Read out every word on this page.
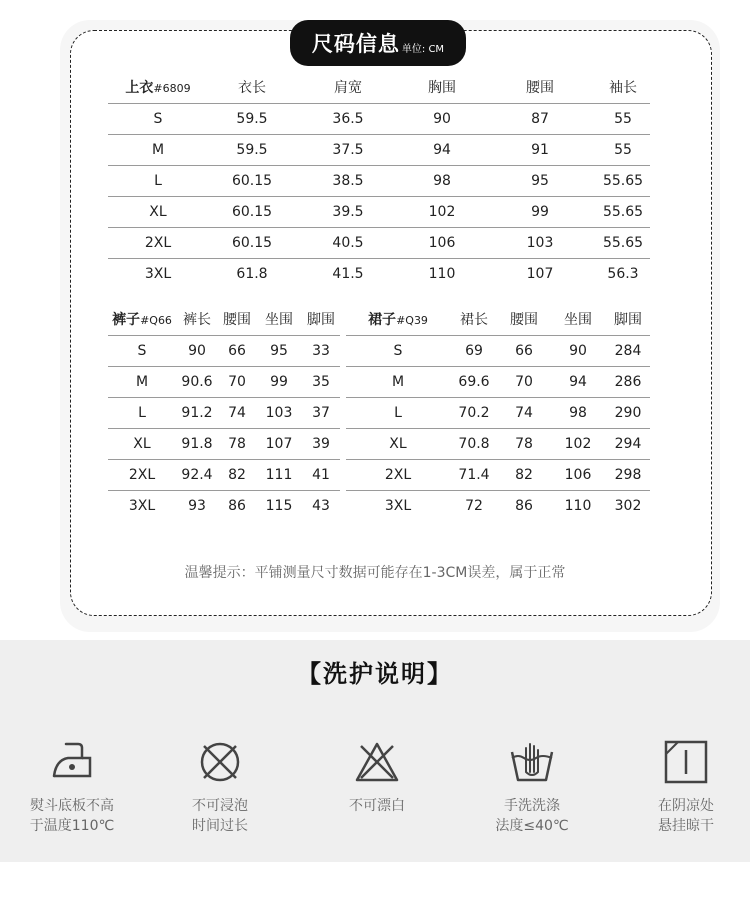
尺码信息 单位: CM
上衣#6809	衣长	肩宽	胸围	腰围	袖长
S	59.5	36.5	90	87	55
M	59.5	37.5	94	91	55
L	60.15	38.5	98	95	55.65
XL	60.15	39.5	102	99	55.65
2XL	60.15	40.5	106	103	55.65
3XL	61.8	41.5	110	107	56.3
裤子#Q66	裤长	腰围	坐围	脚围
S	90	66	95	33
M	90.6	70	99	35
L	91.2	74	103	37
XL	91.8	78	107	39
2XL	92.4	82	111	41
3XL	93	86	115	43
裙子#Q39	裙长	腰围	坐围	脚围
S	69	66	90	284
M	69.6	70	94	286
L	70.2	74	98	290
XL	70.8	78	102	294
2XL	71.4	82	106	298
3XL	72	86	110	302
温馨提示：平铺测量尺寸数据可能存在1-3CM误差，属于正常
【洗护说明】
熨斗底板不高
于温度110℃
不可浸泡
时间过长
不可漂白	手洗洗涤
法度≤40℃
在阴凉处
悬挂晾干
